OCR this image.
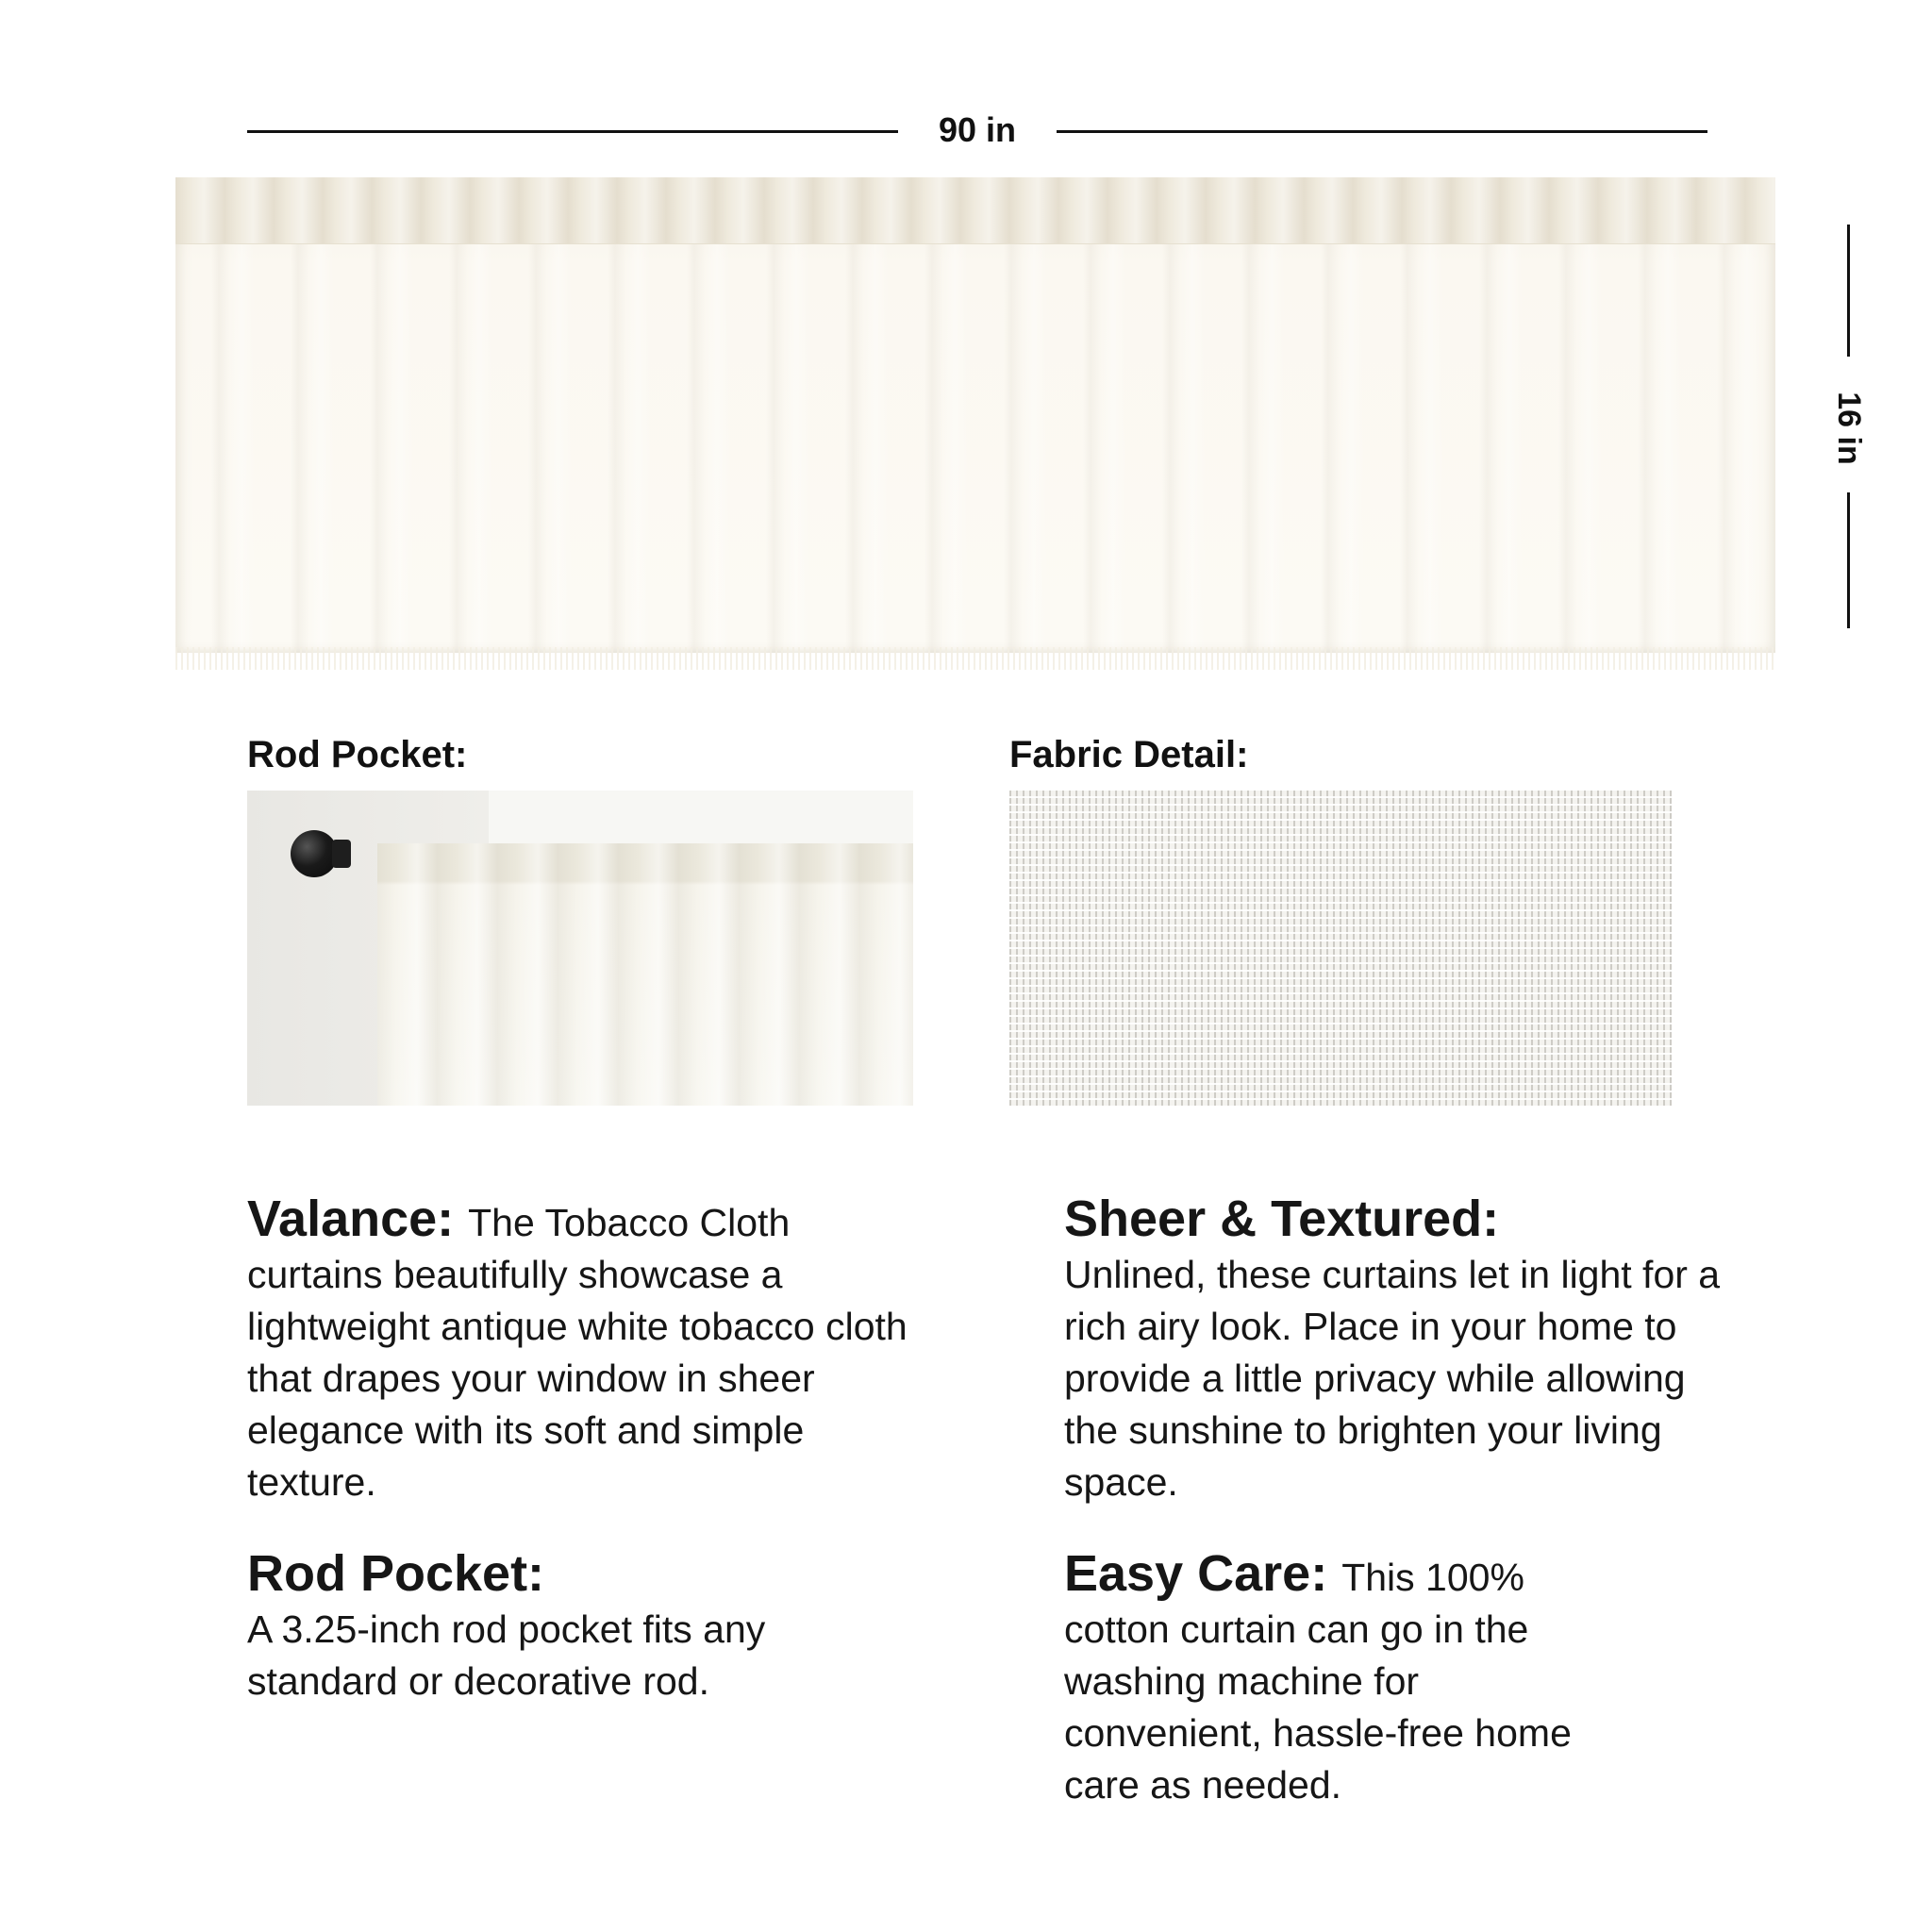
90 in
16 in
Rod Pocket:	Fabric Detail:
Valance: The Tobacco Cloth curtains beautifully showcase a lightweight antique white tobacco cloth that drapes your window in sheer elegance with its soft and simple texture.
Sheer & Textured:
Unlined, these curtains let in light for a rich airy look. Place in your home to provide a little privacy while allowing the sunshine to brighten your living space.
Rod Pocket:
A 3.25-inch rod pocket fits any standard or decorative rod.
Easy Care: This 100% cotton curtain can go in the washing machine for convenient, hassle-free home care as needed.
